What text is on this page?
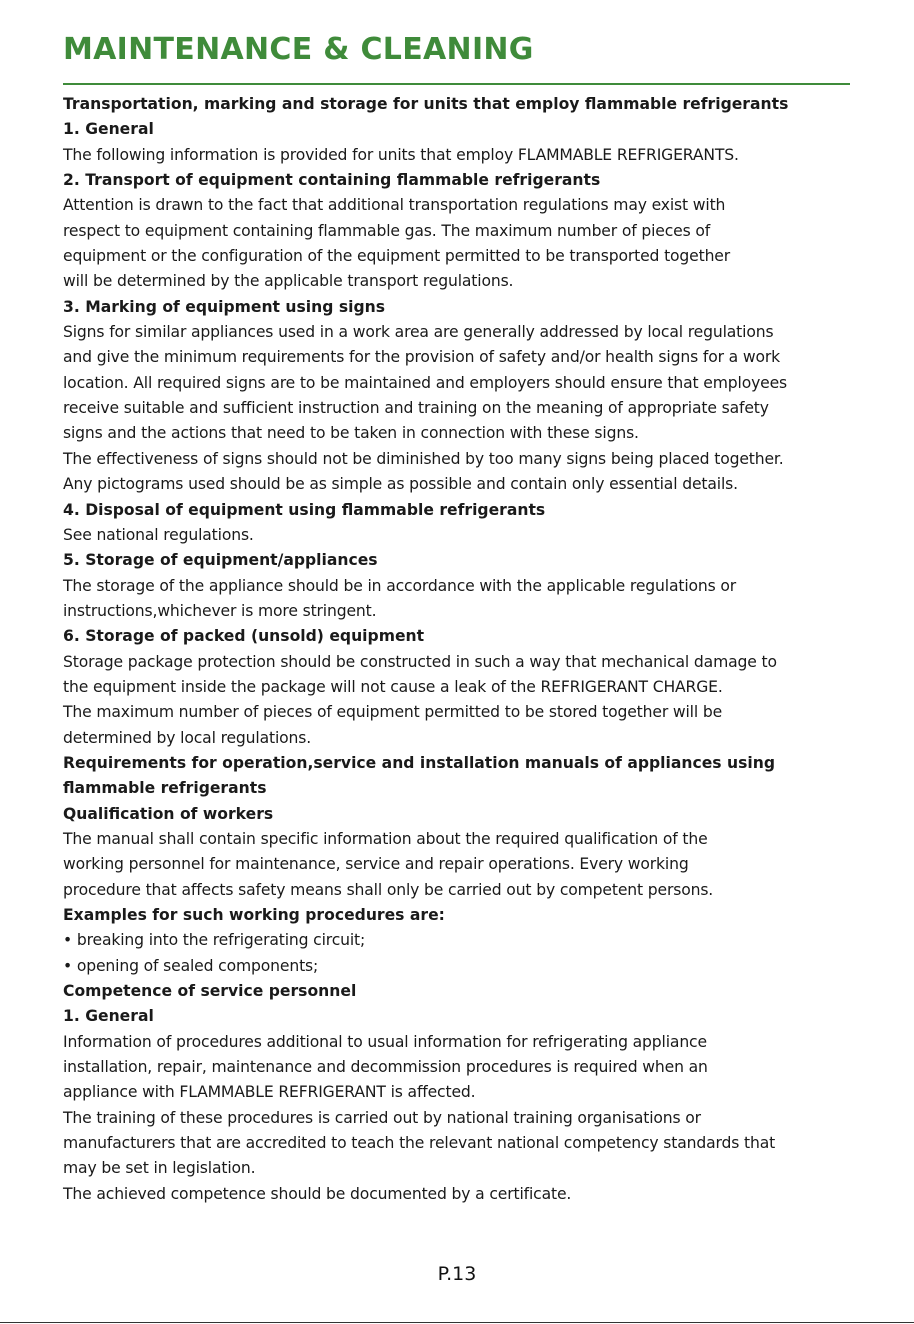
MAINTENANCE & CLEANING

Transportation, marking and storage for units that employ flammable refrigerants

1. General

The following information is provided for units that employ FLAMMABLE REFRIGERANTS.

2. Transport of equipment containing flammable refrigerants

Attention is drawn to the fact that additional transportation regulations may exist with

respect to equipment containing flammable gas. The maximum number of pieces of

equipment or the configuration of the equipment permitted to be transported together

will be determined by the applicable transport regulations.

3. Marking of equipment using signs

Signs for similar appliances used in a work area are generally addressed by local regulations

and give the minimum requirements for the provision of safety and/or health signs for a work

location. All required signs are to be maintained and employers should ensure that employees

receive suitable and sufficient instruction and training on the meaning of appropriate safety

signs and the actions that need to be taken in connection with these signs.

The effectiveness of signs should not be diminished by too many signs being placed together.

Any pictograms used should be as simple as possible and contain only essential details.

4. Disposal of equipment using flammable refrigerants

See national regulations.

5. Storage of equipment/appliances

The storage of the appliance should be in accordance with the applicable regulations or

instructions,whichever is more stringent.

6. Storage of packed (unsold) equipment

Storage package protection should be constructed in such a way that mechanical damage to

the equipment inside the package will not cause a leak of the REFRIGERANT CHARGE.

The maximum number of pieces of equipment permitted to be stored together will be

determined by local regulations.

Requirements for operation,service and installation manuals of appliances using

flammable refrigerants

Qualification of workers

The manual shall contain specific information about the required qualification of the

working personnel for maintenance, service and repair operations. Every working

procedure that affects safety means shall only be carried out by competent persons.

Examples for such working procedures are:

• breaking into the refrigerating circuit;

• opening of sealed components;

Competence of service personnel

1. General

Information of procedures additional to usual information for refrigerating appliance

installation, repair, maintenance and decommission procedures is required when an

appliance with FLAMMABLE REFRIGERANT is affected.

The training of these procedures is carried out by national training organisations or

manufacturers that are accredited to teach the relevant national competency standards that

may be set in legislation.

The achieved competence should be documented by a certificate.

P.13
